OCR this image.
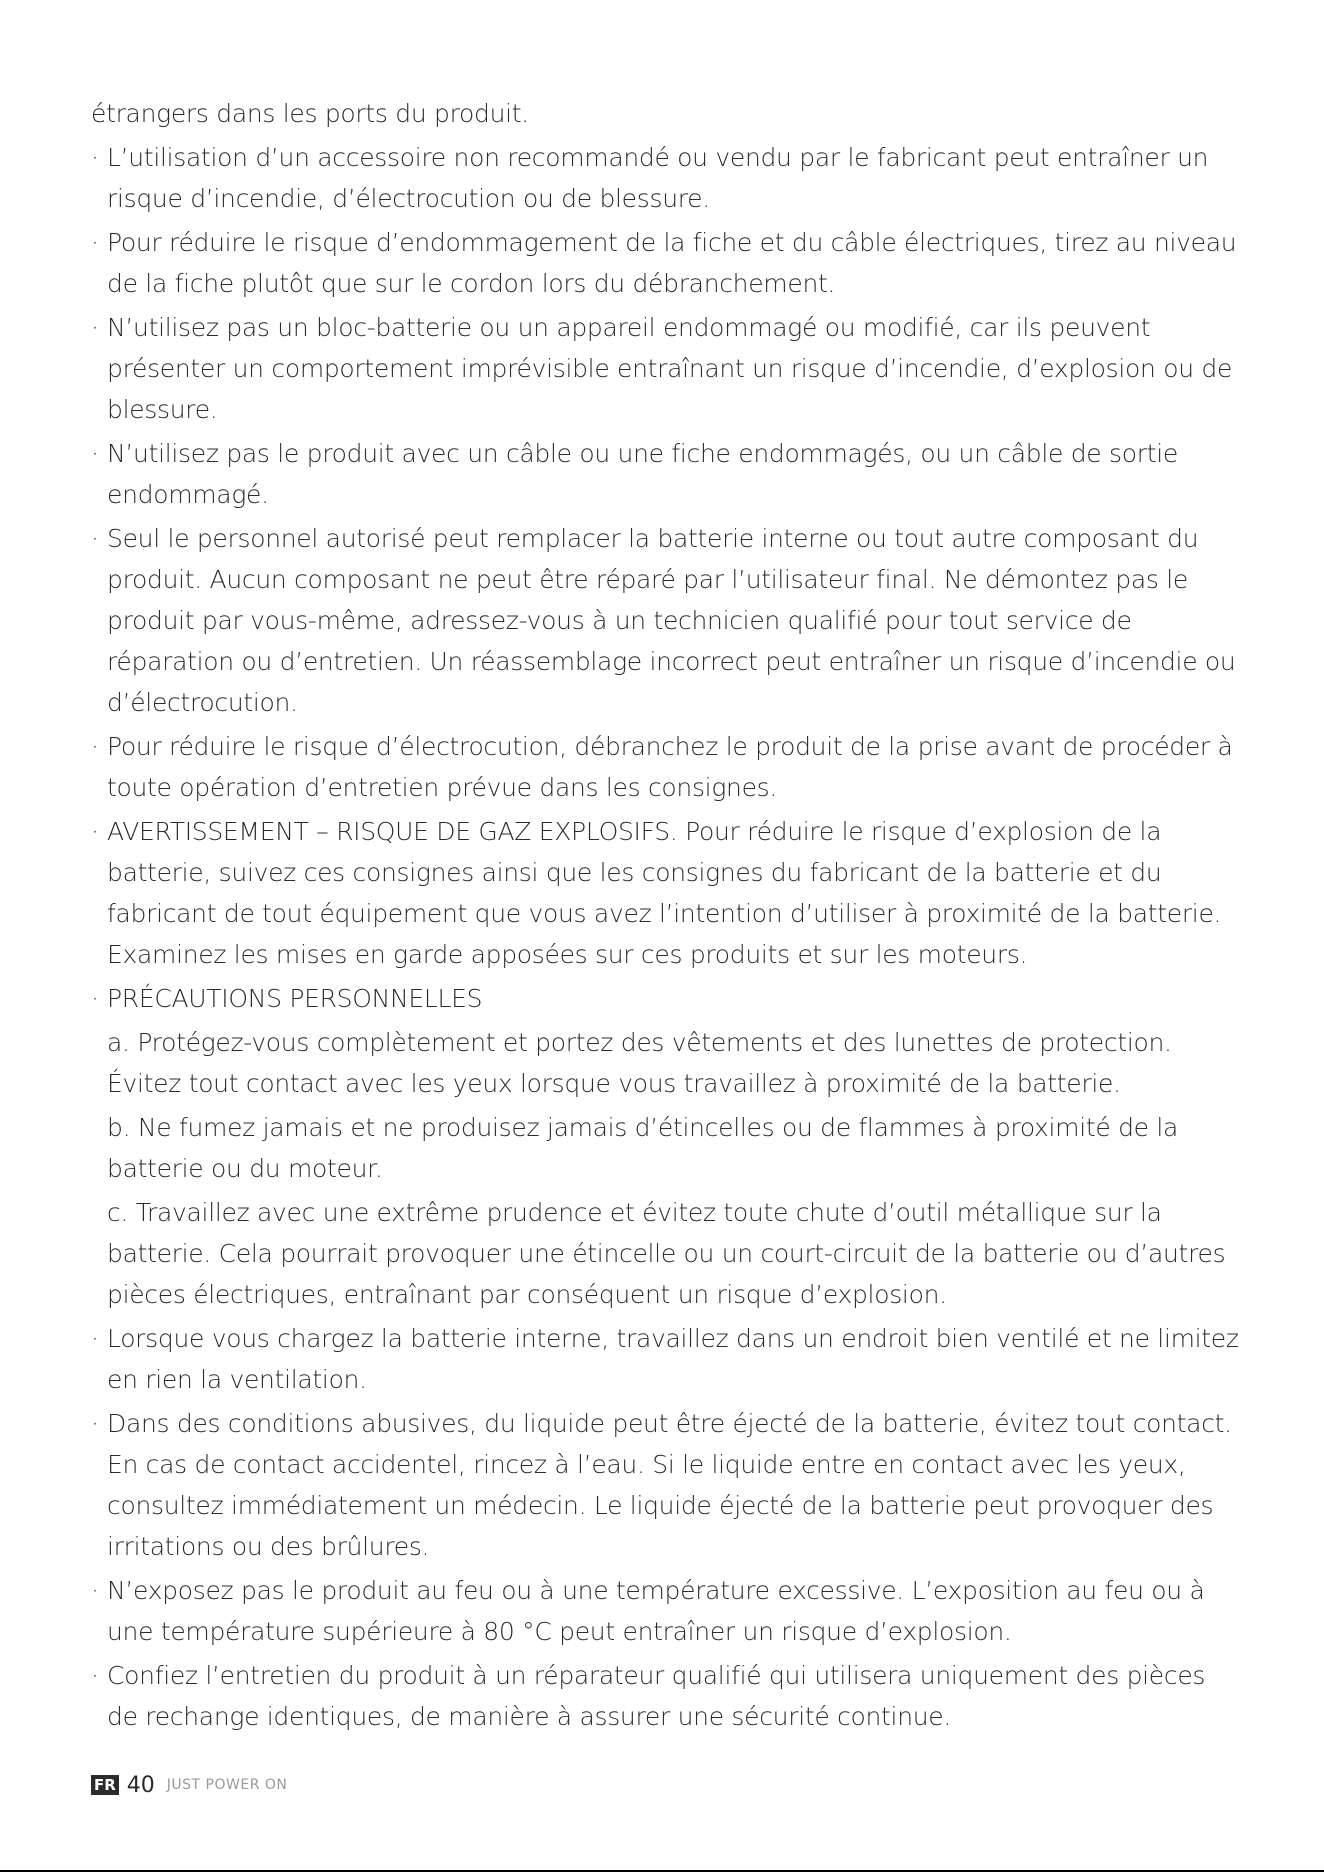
étrangers dans les ports du produit.

· L’utilisation d’un accessoire non recommandé ou vendu par le fabricant peut entraîner un risque d’incendie, d’électrocution ou de blessure.
· Pour réduire le risque d’endommagement de la fiche et du câble électriques, tirez au niveau de la fiche plutôt que sur le cordon lors du débranchement.
· N’utilisez pas un bloc-batterie ou un appareil endommagé ou modifié, car ils peuvent présenter un comportement imprévisible entraînant un risque d’incendie, d’explosion ou de blessure.
· N’utilisez pas le produit avec un câble ou une fiche endommagés, ou un câble de sortie endommagé.
· Seul le personnel autorisé peut remplacer la batterie interne ou tout autre composant du produit. Aucun composant ne peut être réparé par l’utilisateur final. Ne démontez pas le produit par vous-même, adressez-vous à un technicien qualifié pour tout service de réparation ou d’entretien. Un réassemblage incorrect peut entraîner un risque d’incendie ou d’électrocution.
· Pour réduire le risque d’électrocution, débranchez le produit de la prise avant de procéder à toute opération d’entretien prévue dans les consignes.
· AVERTISSEMENT – RISQUE DE GAZ EXPLOSIFS. Pour réduire le risque d’explosion de la batterie, suivez ces consignes ainsi que les consignes du fabricant de la batterie et du fabricant de tout équipement que vous avez l’intention d’utiliser à proximité de la batterie. Examinez les mises en garde apposées sur ces produits et sur les moteurs.
· PRÉCAUTIONS PERSONNELLES

a. Protégez-vous complètement et portez des vêtements et des lunettes de protection. Évitez tout contact avec les yeux lorsque vous travaillez à proximité de la batterie.

b. Ne fumez jamais et ne produisez jamais d’étincelles ou de flammes à proximité de la batterie ou du moteur.

c. Travaillez avec une extrême prudence et évitez toute chute d’outil métallique sur la batterie. Cela pourrait provoquer une étincelle ou un court-circuit de la batterie ou d’autres pièces électriques, entraînant par conséquent un risque d’explosion.

· Lorsque vous chargez la batterie interne, travaillez dans un endroit bien ventilé et ne limitez en rien la ventilation.
· Dans des conditions abusives, du liquide peut être éjecté de la batterie, évitez tout contact. En cas de contact accidentel, rincez à l’eau. Si le liquide entre en contact avec les yeux, consultez immédiatement un médecin. Le liquide éjecté de la batterie peut provoquer des irritations ou des brûlures.
· N’exposez pas le produit au feu ou à une température excessive. L’exposition au feu ou à une température supérieure à 80 °C peut entraîner un risque d’explosion.
· Confiez l’entretien du produit à un réparateur qualifié qui utilisera uniquement des pièces de rechange identiques, de manière à assurer une sécurité continue.
FR 40 JUST POWER ON
